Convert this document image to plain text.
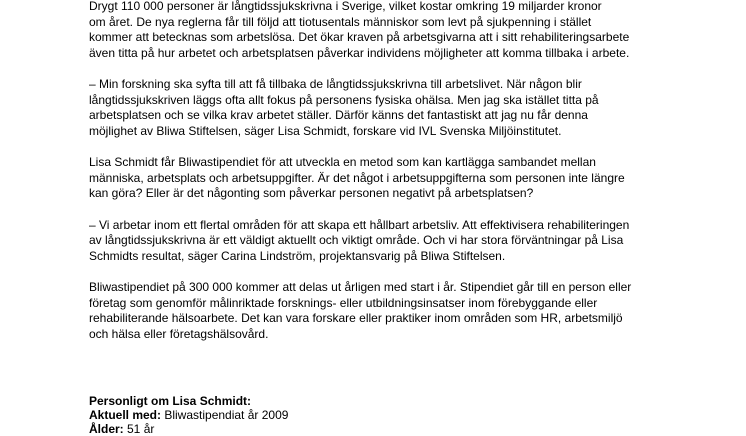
Drygt 110 000 personer är långtidssjukskrivna i Sverige, vilket kostar omkring 19 miljarder kronor
om året. De nya reglerna får till följd att tiotusentals människor som levt på sjukpenning i stället
kommer att betecknas som arbetslösa. Det ökar kraven på arbetsgivarna att i sitt rehabiliteringsarbete
även titta på hur arbetet och arbetsplatsen påverkar individens möjligheter att komma tillbaka i arbete.

– Min forskning ska syfta till att få tillbaka de långtidssjukskrivna till arbetslivet. När någon blir
långtidssjukskriven läggs ofta allt fokus på personens fysiska ohälsa. Men jag ska istället titta på
arbetsplatsen och se vilka krav arbetet ställer. Därför känns det fantastiskt att jag nu får denna
möjlighet av Bliwa Stiftelsen, säger Lisa Schmidt, forskare vid IVL Svenska Miljöinstitutet.

Lisa Schmidt får Bliwastipendiet för att utveckla en metod som kan kartlägga sambandet mellan
människa, arbetsplats och arbetsuppgifter. Är det något i arbetsuppgifterna som personen inte längre
kan göra? Eller är det någonting som påverkar personen negativt på arbetsplatsen?

– Vi arbetar inom ett flertal områden för att skapa ett hållbart arbetsliv. Att effektivisera rehabiliteringen
av långtidssjukskrivna är ett väldigt aktuellt och viktigt område. Och vi har stora förväntningar på Lisa
Schmidts resultat, säger Carina Lindström, projektansvarig på Bliwa Stiftelsen.

Bliwastipendiet på 300 000 kommer att delas ut årligen med start i år. Stipendiet går till en person eller
företag som genomför målinriktade forsknings- eller utbildningsinsatser inom förebyggande eller
rehabiliterande hälsoarbete. Det kan vara forskare eller praktiker inom områden som HR, arbetsmiljö
och hälsa eller företagshälsovård.

Personligt om Lisa Schmidt:
Aktuell med: Bliwastipendiat år 2009
Ålder: 51 år
